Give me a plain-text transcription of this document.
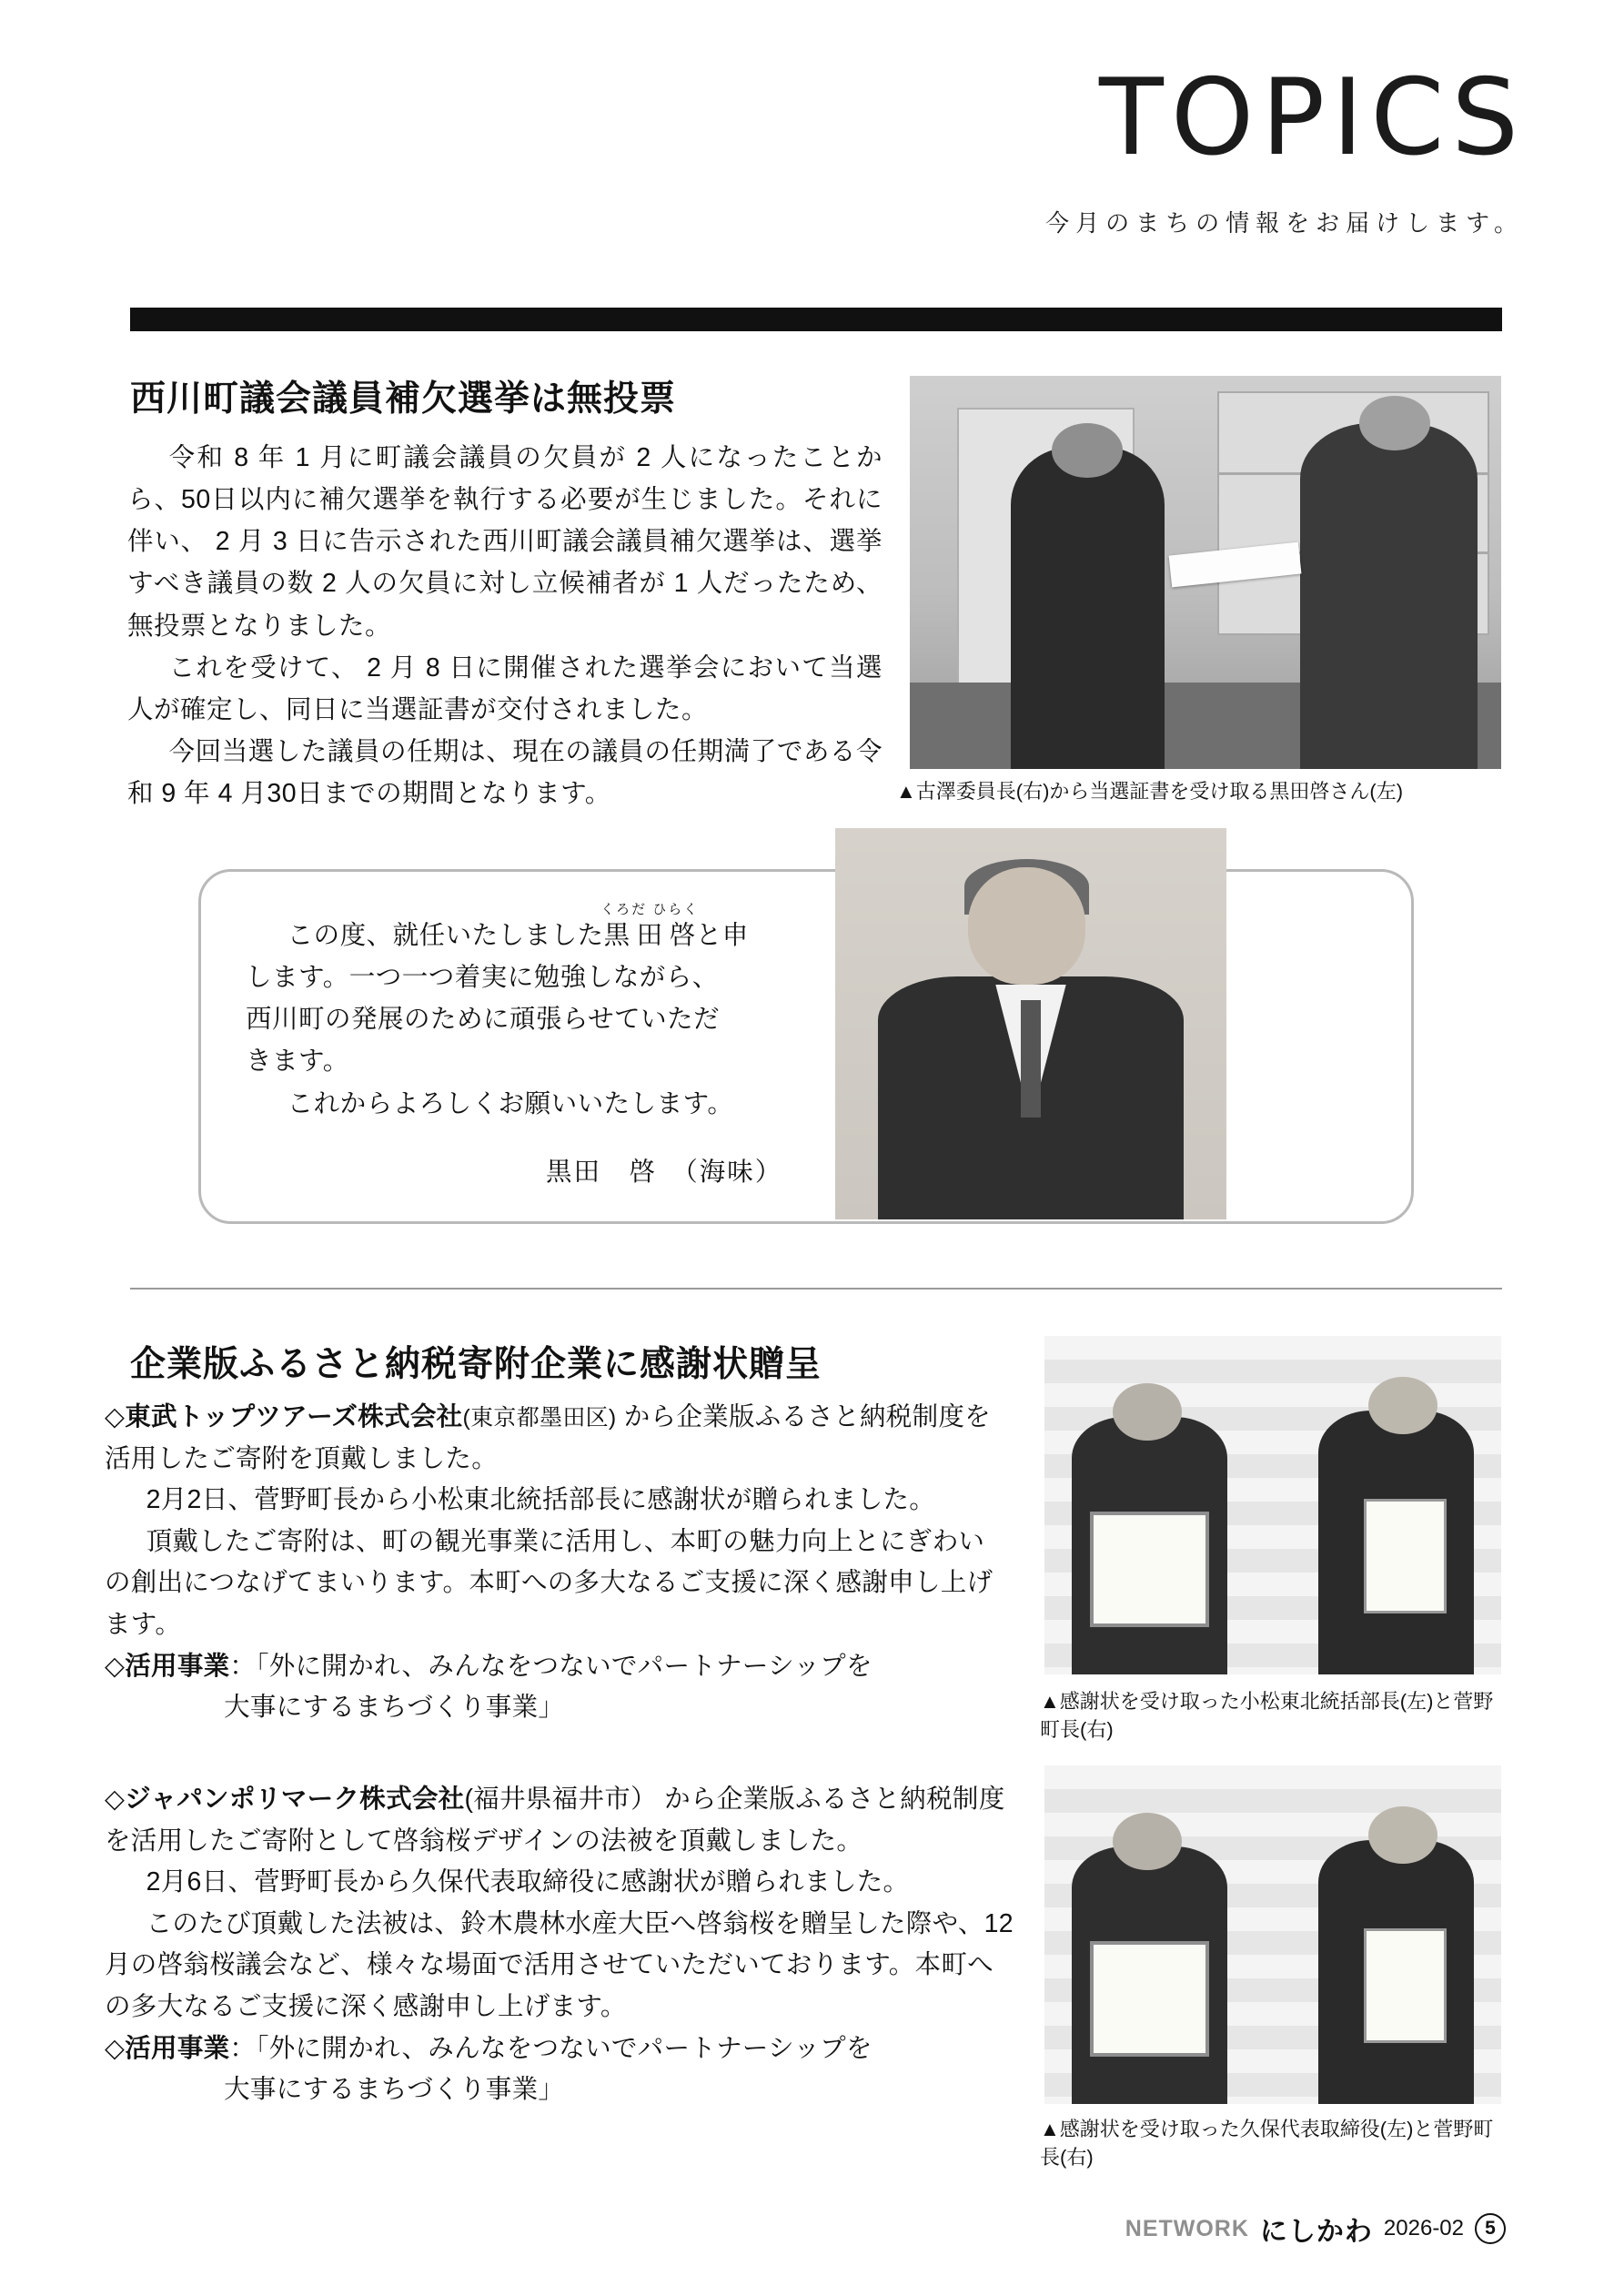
TOPICS
今月のまちの情報をお届けします。
西川町議会議員補欠選挙は無投票

令和 8 年 1 月に町議会議員の欠員が 2 人になったことから、50日以内に補欠選挙を執行する必要が生じました。それに伴い、 2 月 3 日に告示された西川町議会議員補欠選挙は、選挙すべき議員の数 2 人の欠員に対し立候補者が 1 人だったため、無投票となりました。

これを受けて、 2 月 8 日に開催された選挙会において当選人が確定し、同日に当選証書が交付されました。

今回当選した議員の任期は、現在の議員の任期満了である令和 9 年 4 月30日までの期間となります。	▲古澤委員長(右)から当選証書を受け取る黒田啓さん(左)

この度、就任いたしました黒田啓くろだ ひらくと申

します。一つ一つ着実に勉強しながら、

西川町の発展のために頑張らせていただ

きます。

これからよろしくお願いいたします。

黒田　啓　（海味）
企業版ふるさと納税寄附企業に感謝状贈呈

◇東武トップツアーズ株式会社(東京都墨田区) から企業版ふるさと納税制度を活用したご寄附を頂戴しました。

2月2日、菅野町長から小松東北統括部長に感謝状が贈られました。

頂戴したご寄附は、町の観光事業に活用し、本町の魅力向上とにぎわいの創出につなげてまいります。本町への多大なるご支援に深く感謝申し上げます。

◇活用事業：「外に開かれ、みんなをつないでパートナーシップを
大事にするまちづくり事業」

◇ジャパンポリマーク株式会社(福井県福井市） から企業版ふるさと納税制度を活用したご寄附として啓翁桜デザインの法被を頂戴しました。

2月6日、菅野町長から久保代表取締役に感謝状が贈られました。

このたび頂戴した法被は、鈴木農林水産大臣へ啓翁桜を贈呈した際や、12月の啓翁桜議会など、様々な場面で活用させていただいております。本町への多大なるご支援に深く感謝申し上げます。

◇活用事業：「外に開かれ、みんなをつないでパートナーシップを
大事にするまちづくり事業」

▲感謝状を受け取った小松東北統括部長(左)と菅野町長(右)
▲感謝状を受け取った久保代表取締役(左)と菅野町長(右)
NETWORK にしかわ 2026-02	5
